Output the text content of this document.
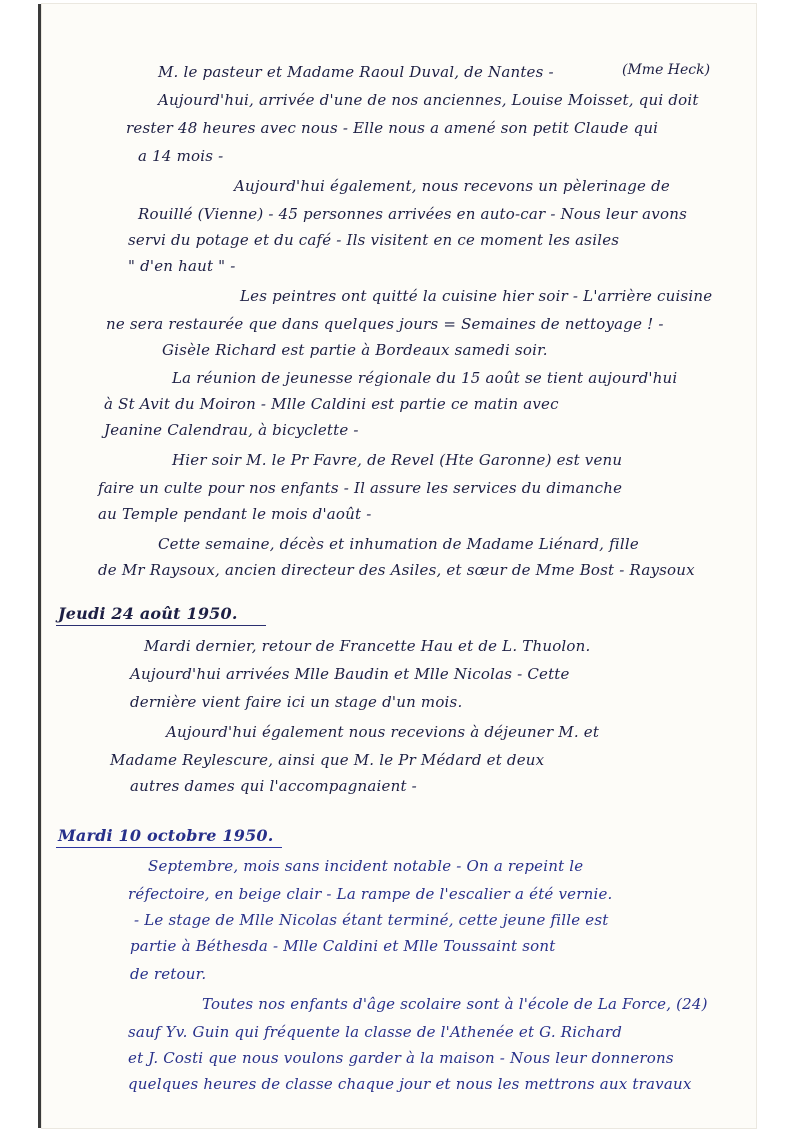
(Mme Heck)
M. le pasteur et Madame Raoul Duval, de Nantes -
Aujourd'hui, arrivée d'une de nos anciennes, Louise Moisset, qui doit
rester 48 heures avec nous - Elle nous a amené son petit Claude qui
a 14 mois -
Aujourd'hui également, nous recevons un pèlerinage de
Rouillé (Vienne) - 45 personnes arrivées en auto-car - Nous leur avons
servi du potage et du café - Ils visitent en ce moment les asiles
" d'en haut " -
Les peintres ont quitté la cuisine hier soir - L'arrière cuisine
ne sera restaurée que dans quelques jours = Semaines de nettoyage ! -
Gisèle Richard est partie à Bordeaux samedi soir.
La réunion de jeunesse régionale du 15 août se tient aujourd'hui
à St Avit du Moiron - Mlle Caldini est partie ce matin avec
Jeanine Calendrau, à bicyclette -
Hier soir M. le Pr Favre, de Revel (Hte Garonne) est venu
faire un culte pour nos enfants - Il assure les services du dimanche
au Temple pendant le mois d'août -
Cette semaine, décès et inhumation de Madame Liénard, fille
de Mr Raysoux, ancien directeur des Asiles, et sœur de Mme Bost - Raysoux
Jeudi 24 août 1950.
Mardi dernier, retour de Francette Hau et de L. Thuolon.
Aujourd'hui arrivées Mlle Baudin et Mlle Nicolas - Cette
dernière vient faire ici un stage d'un mois.
Aujourd'hui également nous recevions à déjeuner M. et
Madame Reylescure, ainsi que M. le Pr Médard et deux
autres dames qui l'accompagnaient -
Mardi 10 octobre 1950.
Septembre, mois sans incident notable - On a repeint le
réfectoire, en beige clair - La rampe de l'escalier a été vernie.
- Le stage de Mlle Nicolas étant terminé, cette jeune fille est
partie à Béthesda - Mlle Caldini et Mlle Toussaint sont
de retour.
Toutes nos enfants d'âge scolaire sont à l'école de La Force, (24)
sauf Yv. Guin qui fréquente la classe de l'Athenée et G. Richard
et J. Costi que nous voulons garder à la maison - Nous leur donnerons
quelques heures de classe chaque jour et nous les mettrons aux travaux
